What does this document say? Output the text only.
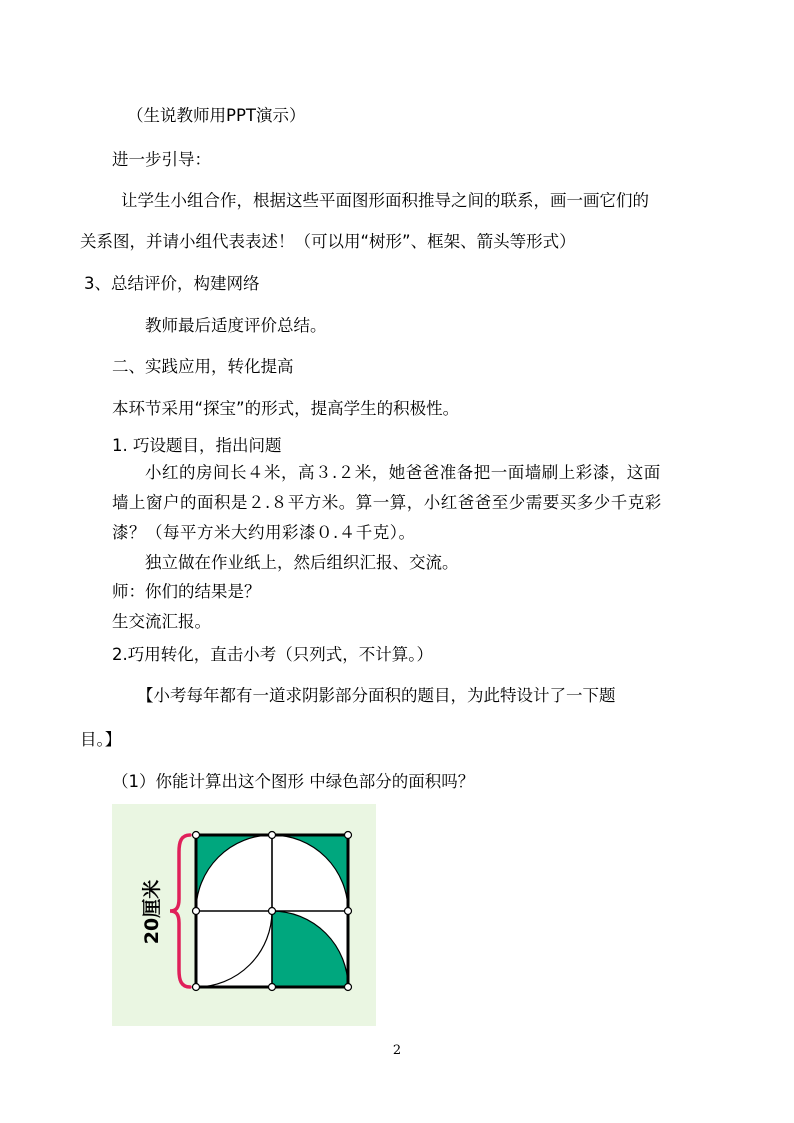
（生说教师用PPT演示）
进一步引导：
让学生小组合作，根据这些平面图形面积推导之间的联系，画一画它们的
关系图，并请小组代表表述！（可以用“树形”、框架、箭头等形式）
3、总结评价，构建网络
教师最后适度评价总结。
二、实践应用，转化提高
本环节采用“探宝”的形式，提高学生的积极性。
1. 巧设题目，指出问题
小红的房间长４米，高３.２米，她爸爸准备把一面墙刷上彩漆，这面
墙上窗户的面积是２.８平方米。算一算，小红爸爸至少需要买多少千克彩
漆？（每平方米大约用彩漆０.４千克）。
独立做在作业纸上，然后组织汇报、交流。
师：你们的结果是？
生交流汇报。
2.巧用转化，直击小考（只列式，不计算。）
【小考每年都有一道求阴影部分面积的题目，为此特设计了一下题
目。】
（1）你能计算出这个图形 中绿色部分的面积吗？
20厘米
2
